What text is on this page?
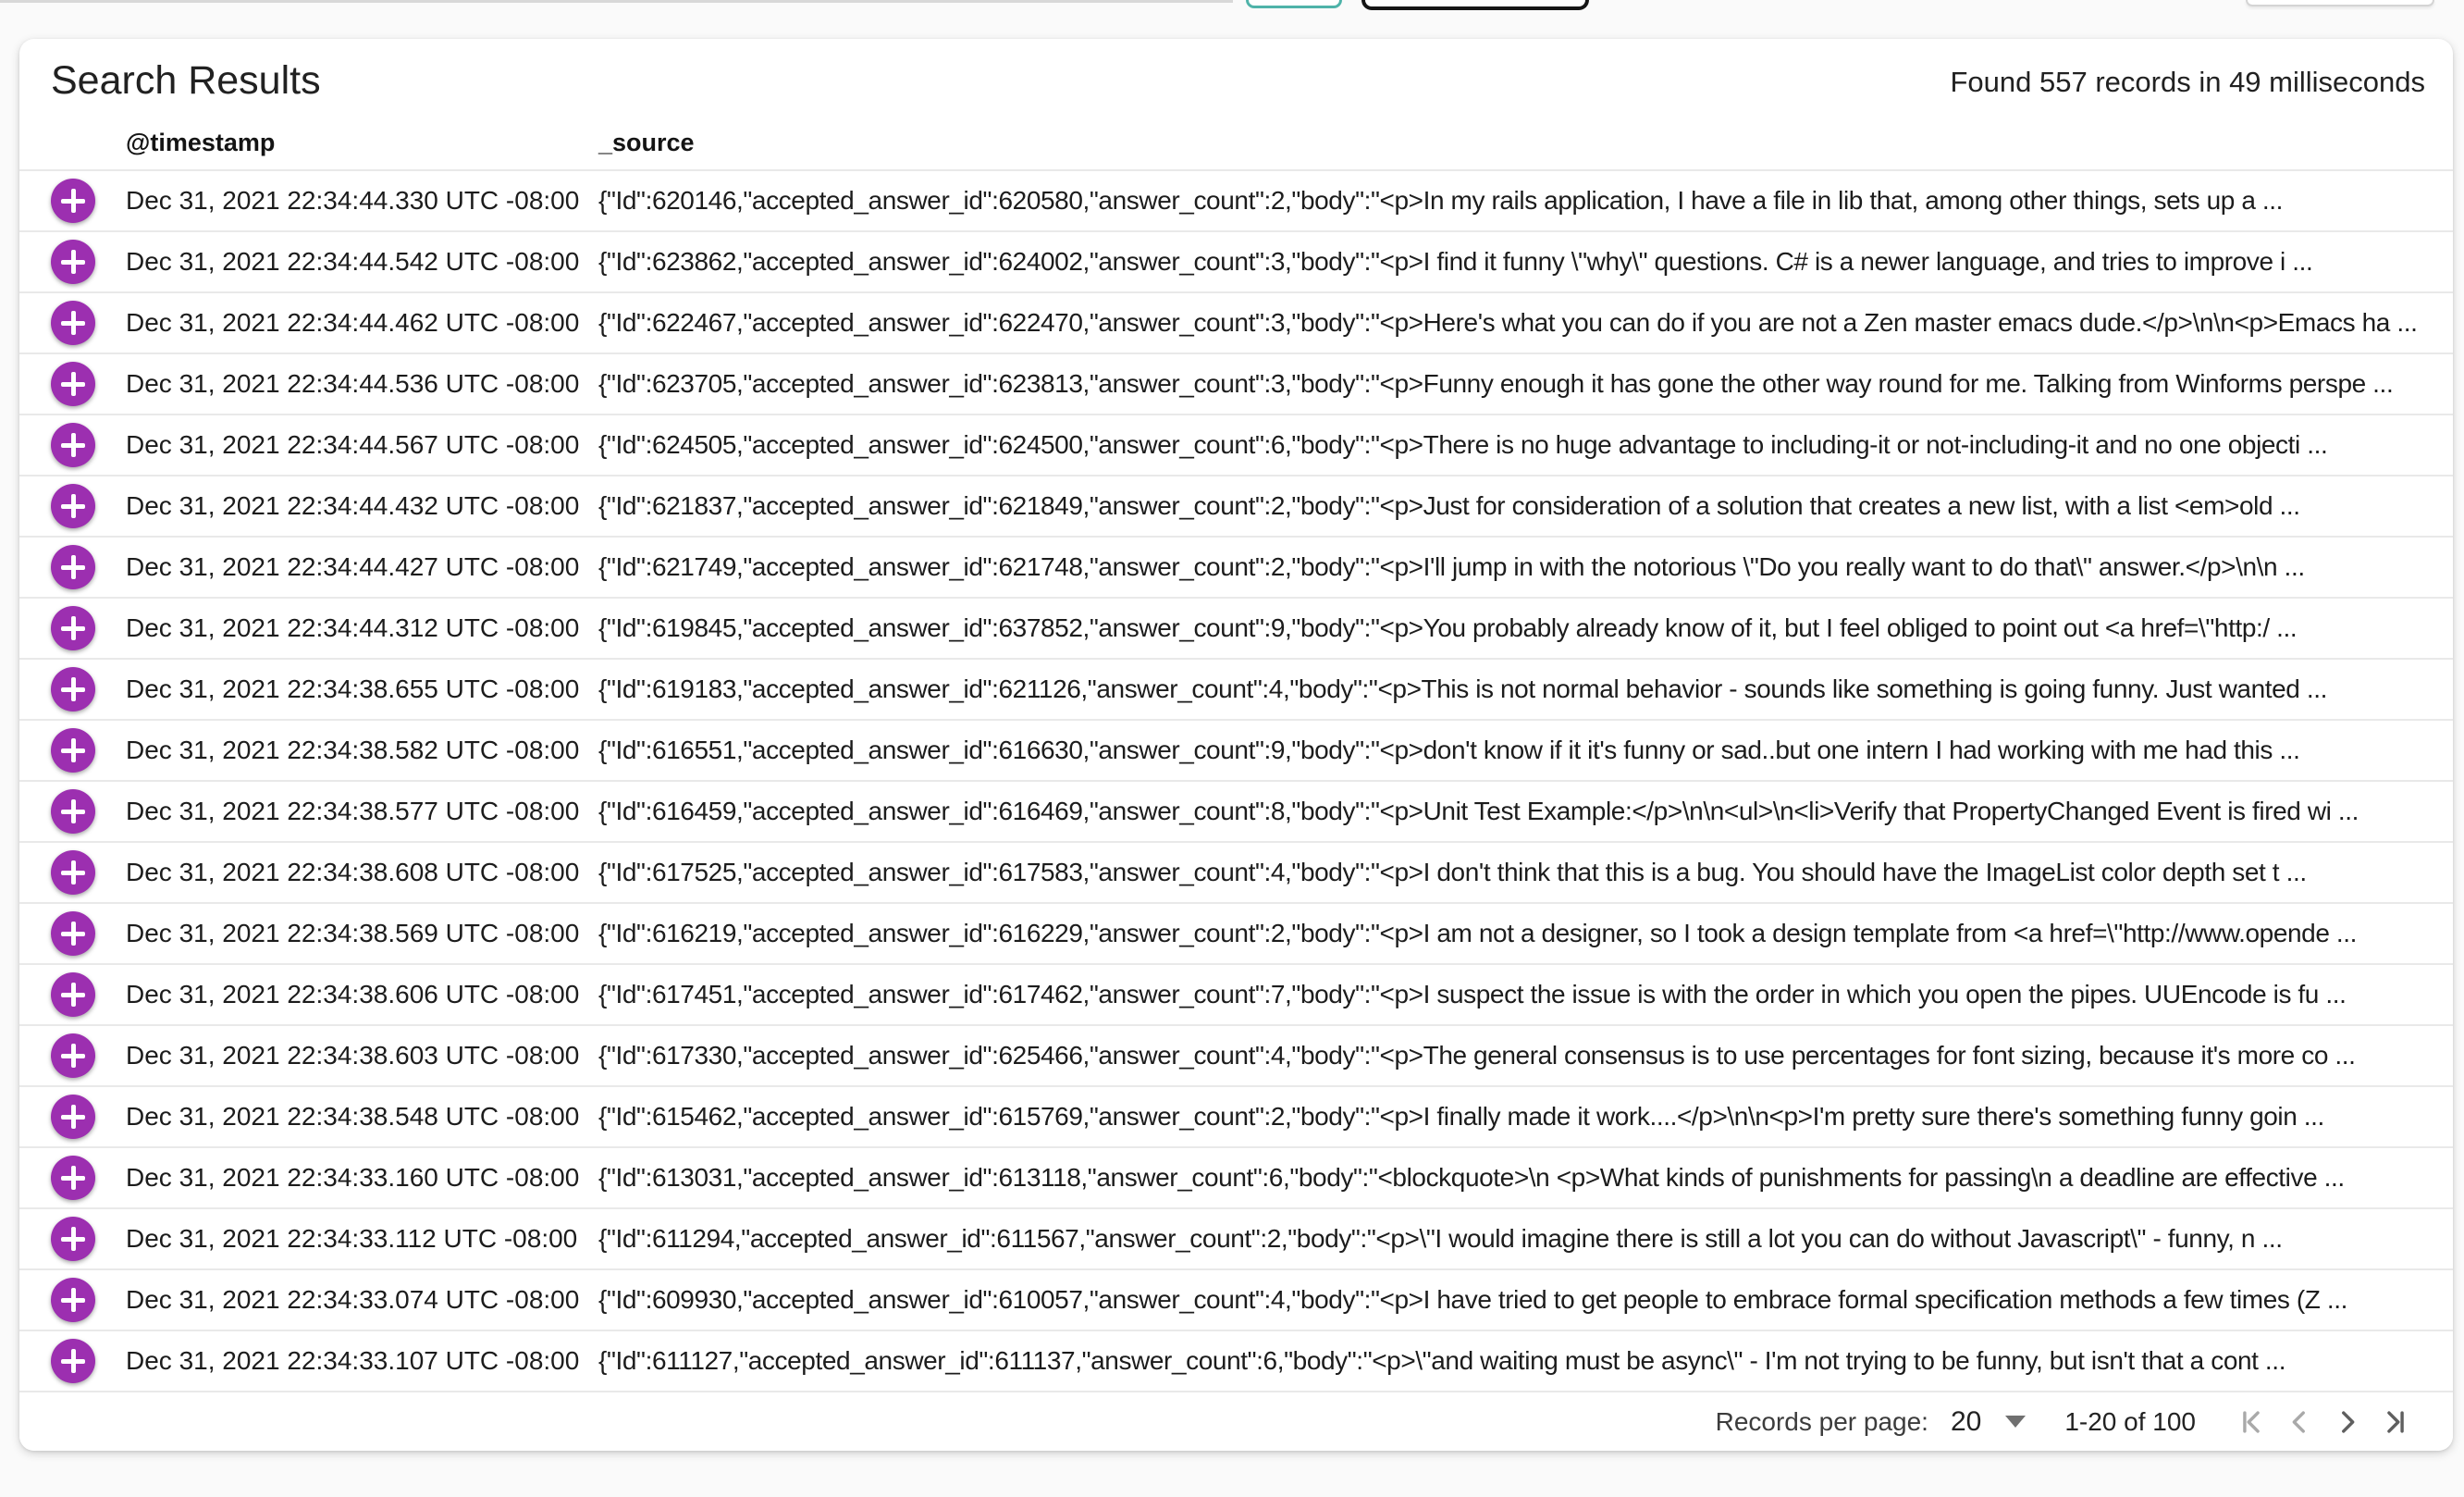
Search Results	Found 557 records in 49 milliseconds
@timestamp	_source
Dec 31, 2021 22:34:44.330 UTC -08:00 {"Id":620146,"accepted_answer_id":620580,"answer_count":2,"body":"<p>In my rails application, I have a file in lib that, among other things, sets up a ...
Dec 31, 2021 22:34:44.542 UTC -08:00 {"Id":623862,"accepted_answer_id":624002,"answer_count":3,"body":"<p>I find it funny \"why\" questions. C# is a newer language, and tries to improve i ...
Dec 31, 2021 22:34:44.462 UTC -08:00 {"Id":622467,"accepted_answer_id":622470,"answer_count":3,"body":"<p>Here's what you can do if you are not a Zen master emacs dude.</p>\n\n<p>Emacs ha ...
Dec 31, 2021 22:34:44.536 UTC -08:00 {"Id":623705,"accepted_answer_id":623813,"answer_count":3,"body":"<p>Funny enough it has gone the other way round for me. Talking from Winforms perspe ...
Dec 31, 2021 22:34:44.567 UTC -08:00 {"Id":624505,"accepted_answer_id":624500,"answer_count":6,"body":"<p>There is no huge advantage to including-it or not-including-it and no one objecti ...
Dec 31, 2021 22:34:44.432 UTC -08:00 {"Id":621837,"accepted_answer_id":621849,"answer_count":2,"body":"<p>Just for consideration of a solution that creates a new list, with a list <em>old ...
Dec 31, 2021 22:34:44.427 UTC -08:00 {"Id":621749,"accepted_answer_id":621748,"answer_count":2,"body":"<p>I'll jump in with the notorious \"Do you really want to do that\" answer.</p>\n\n ...
Dec 31, 2021 22:34:44.312 UTC -08:00 {"Id":619845,"accepted_answer_id":637852,"answer_count":9,"body":"<p>You probably already know of it, but I feel obliged to point out <a href=\"http:/ ...
Dec 31, 2021 22:34:38.655 UTC -08:00 {"Id":619183,"accepted_answer_id":621126,"answer_count":4,"body":"<p>This is not normal behavior - sounds like something is going funny. Just wanted ...
Dec 31, 2021 22:34:38.582 UTC -08:00 {"Id":616551,"accepted_answer_id":616630,"answer_count":9,"body":"<p>don't know if it it's funny or sad..but one intern I had working with me had this ...
Dec 31, 2021 22:34:38.577 UTC -08:00 {"Id":616459,"accepted_answer_id":616469,"answer_count":8,"body":"<p>Unit Test Example:</p>\n\n<ul>\n<li>Verify that PropertyChanged Event is fired wi ...
Dec 31, 2021 22:34:38.608 UTC -08:00 {"Id":617525,"accepted_answer_id":617583,"answer_count":4,"body":"<p>I don't think that this is a bug. You should have the ImageList color depth set t ...
Dec 31, 2021 22:34:38.569 UTC -08:00 {"Id":616219,"accepted_answer_id":616229,"answer_count":2,"body":"<p>I am not a designer, so I took a design template from <a href=\"http://www.opende ...
Dec 31, 2021 22:34:38.606 UTC -08:00 {"Id":617451,"accepted_answer_id":617462,"answer_count":7,"body":"<p>I suspect the issue is with the order in which you open the pipes. UUEncode is fu ...
Dec 31, 2021 22:34:38.603 UTC -08:00 {"Id":617330,"accepted_answer_id":625466,"answer_count":4,"body":"<p>The general consensus is to use percentages for font sizing, because it's more co ...
Dec 31, 2021 22:34:38.548 UTC -08:00 {"Id":615462,"accepted_answer_id":615769,"answer_count":2,"body":"<p>I finally made it work....</p>\n\n<p>I'm pretty sure there's something funny goin ...
Dec 31, 2021 22:34:33.160 UTC -08:00 {"Id":613031,"accepted_answer_id":613118,"answer_count":6,"body":"<blockquote>\n <p>What kinds of punishments for passing\n a deadline are effective ...
Dec 31, 2021 22:34:33.112 UTC -08:00 {"Id":611294,"accepted_answer_id":611567,"answer_count":2,"body":"<p>\"I would imagine there is still a lot you can do without Javascript\" - funny, n ...
Dec 31, 2021 22:34:33.074 UTC -08:00 {"Id":609930,"accepted_answer_id":610057,"answer_count":4,"body":"<p>I have tried to get people to embrace formal specification methods a few times (Z ...
Dec 31, 2021 22:34:33.107 UTC -08:00 {"Id":611127,"accepted_answer_id":611137,"answer_count":6,"body":"<p>\"and waiting must be async\" - I'm not trying to be funny, but isn't that a cont ...
Records per page: 20	1-20 of 100
